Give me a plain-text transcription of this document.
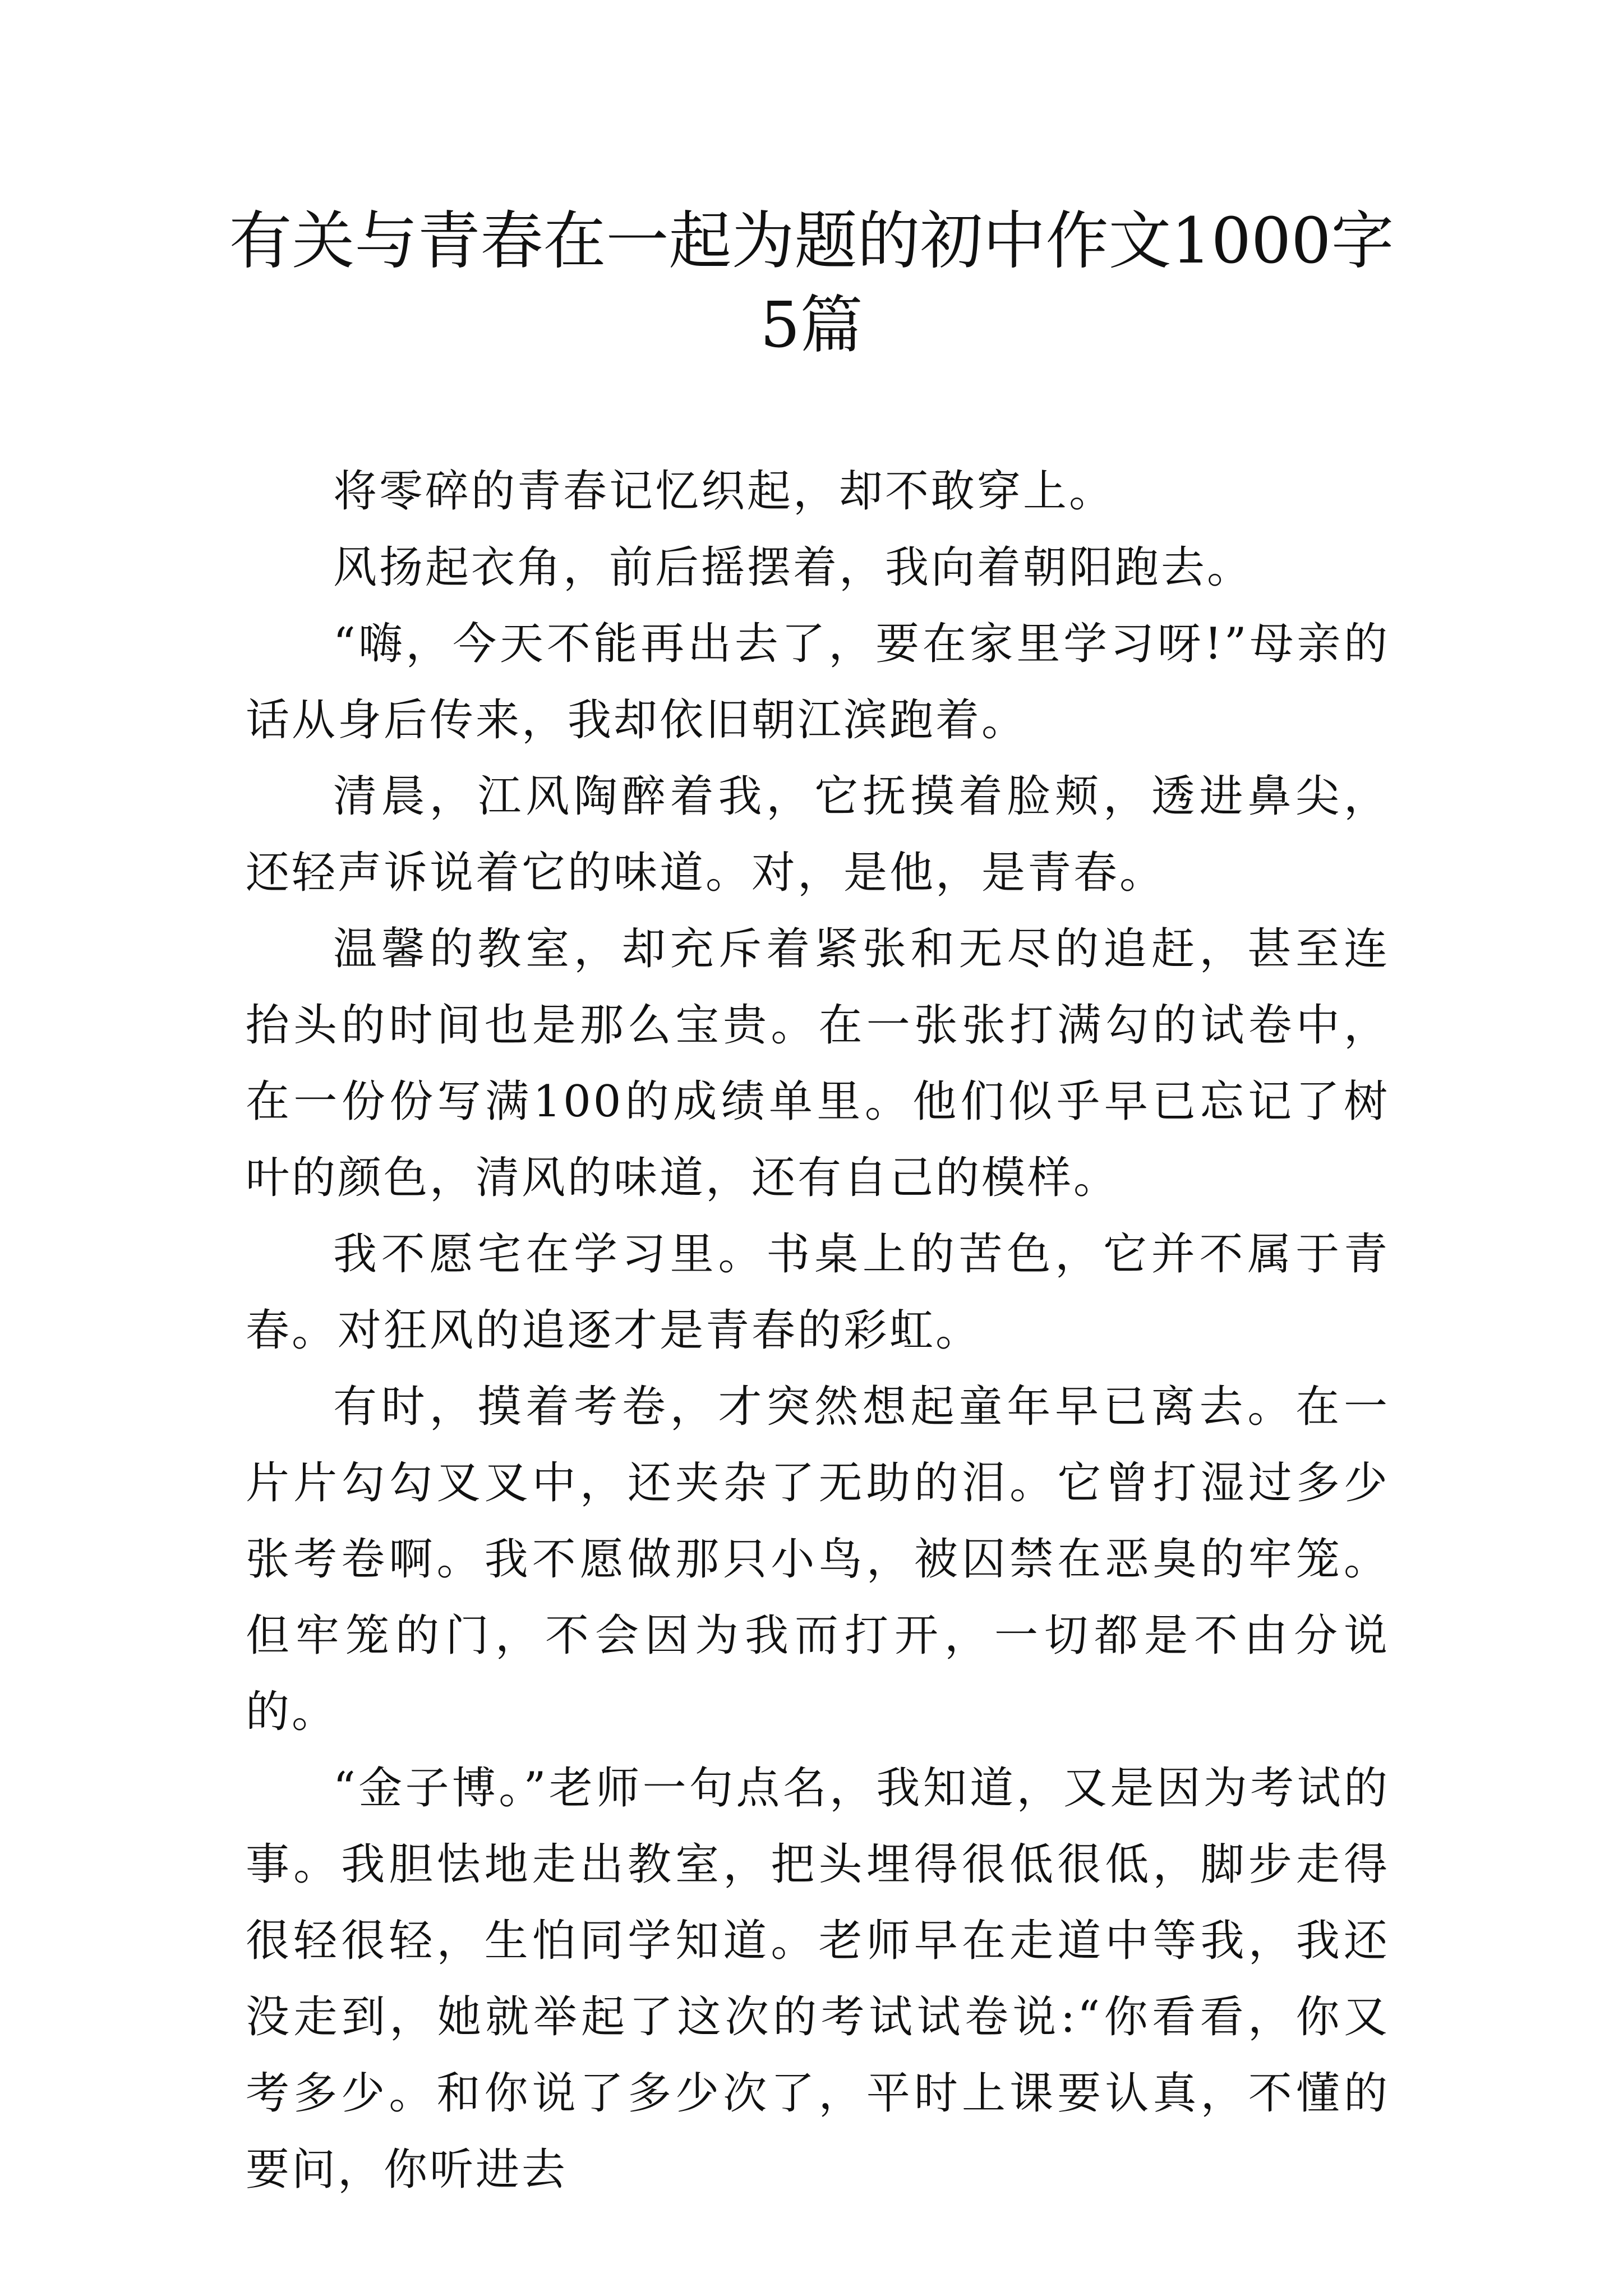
有关与青春在一起为题的初中作文1000字
5篇

将零碎的青春记忆织起，却不敢穿上。

风扬起衣角，前后摇摆着，我向着朝阳跑去。

“嗨，今天不能再出去了，要在家里学习呀!”母亲的话从身后传来，我却依旧朝江滨跑着。

清晨，江风陶醉着我，它抚摸着脸颊，透进鼻尖，还轻声诉说着它的味道。对，是他，是青春。

温馨的教室，却充斥着紧张和无尽的追赶，甚至连抬头的时间也是那么宝贵。在一张张打满勾的试卷中，在一份份写满100的成绩单里。他们似乎早已忘记了树叶的颜色，清风的味道，还有自己的模样。

我不愿宅在学习里。书桌上的苦色，它并不属于青春。对狂风的追逐才是青春的彩虹。

有时，摸着考卷，才突然想起童年早已离去。在一片片勾勾叉叉中，还夹杂了无助的泪。它曾打湿过多少张考卷啊。我不愿做那只小鸟，被囚禁在恶臭的牢笼。但牢笼的门，不会因为我而打开，一切都是不由分说的。

“金子博。”老师一句点名，我知道，又是因为考试的事。我胆怯地走出教室，把头埋得很低很低，脚步走得很轻很轻，生怕同学知道。老师早在走道中等我，我还没走到，她就举起了这次的考试试卷说:“你看看，你又考多少。和你说了多少次了，平时上课要认真，不懂的要问，你听进去
